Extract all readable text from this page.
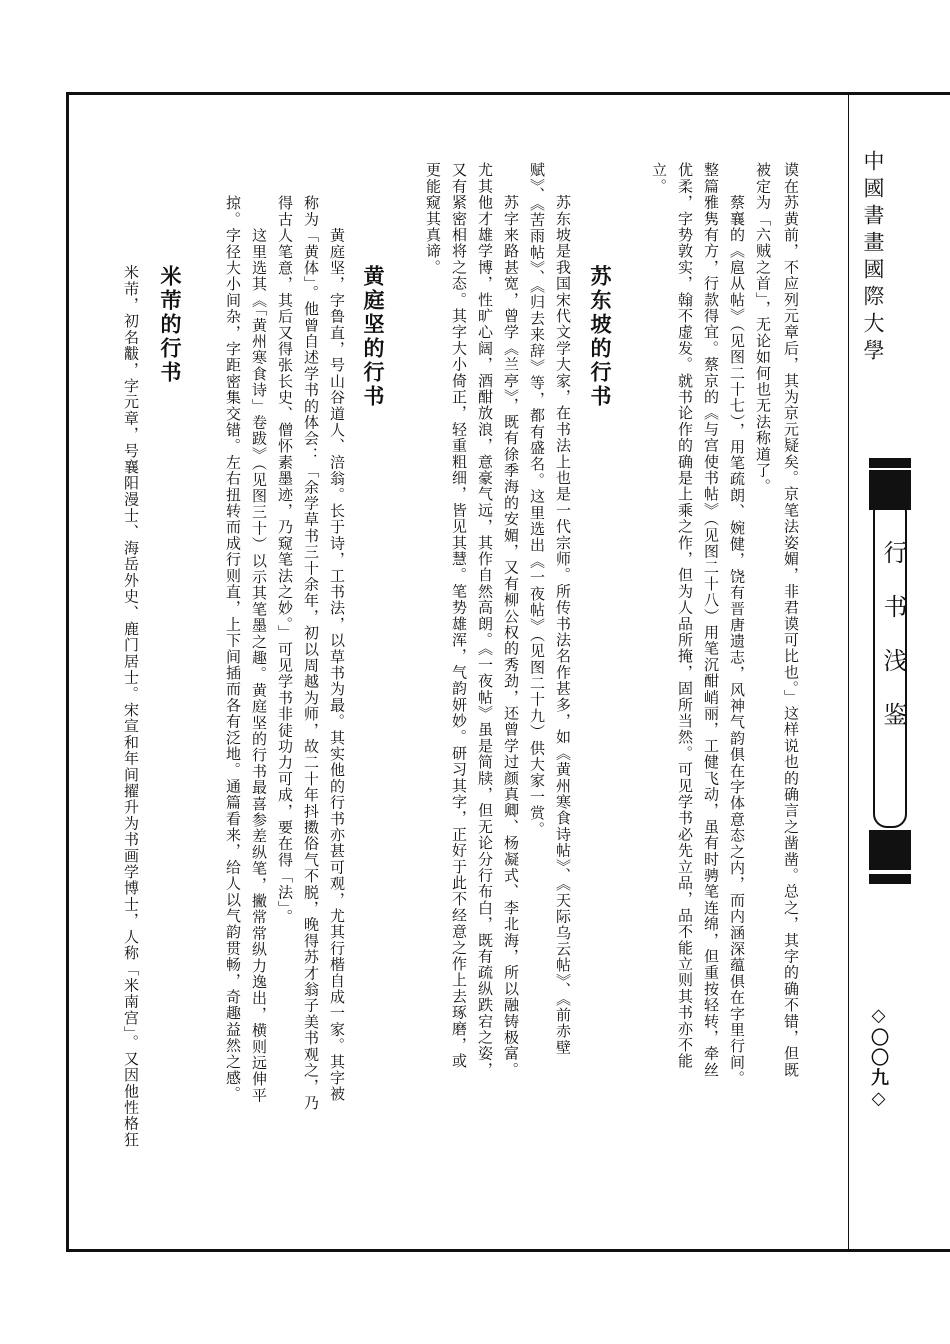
中國書畫國際大學
行书浅鉴
◇〇〇九◇
谟在苏黄前，不应列元章后，其为京元疑矣。京笔法姿媚，非君谟可比也。」这样说也的确言之凿凿。总之，其字的确不错，但既
被定为「六贼之首」，无论如何也无法称道了。
　　蔡襄的《扈从帖》（见图二十七），用笔疏朗、婉健，饶有晋唐遗志，风神气韵俱在字体意态之内，而内涵深蕴俱在字里行间。
整篇雅隽有方，行款得宜。蔡京的《与宫使书帖》（见图二十八）用笔沉酣峭丽，工健飞动，虽有时骋笔连绵，但重按轻转，牵丝
优柔，字势敦实，翰不虚发。就书论作的确是上乘之作，但为人品所掩，固所当然。可见学书必先立品，品不能立则其书亦不能
立。
苏东坡的行书
　　苏东坡是我国宋代文学大家，在书法上也是一代宗师。所传书法名作甚多，如《黄州寒食诗帖》、《天际乌云帖》、《前赤壁
赋》、《苦雨帖》、《归去来辞》等，都有盛名。这里选出《一夜帖》（见图二十九）供大家一赏。
　　苏字来路甚宽，曾学《兰亭》，既有徐季海的安媚，又有柳公权的秀劲，还曾学过颜真卿、杨凝式、李北海，所以融铸极富。
尤其他才雄学博，性旷心阔，酒酣放浪，意豪气远，其作自然高朗。《一夜帖》虽是简牍，但无论分行布白，既有疏纵跌宕之姿，
又有紧密相将之态。其字大小倚正，轻重粗细，皆见其慧。笔势雄浑，气韵妍妙。研习其字，正好于此不经意之作上去琢磨，或
更能窥其真谛。
黄庭坚的行书
　　黄庭坚，字鲁直，号山谷道人、涪翁。长于诗，工书法，以草书为最。其实他的行书亦甚可观，尤其行楷自成一家。其字被
称为「黄体」。他曾自述学书的体会：「余学草书三十余年，初以周越为师，故二十年抖擞俗气不脱，晚得苏才翁子美书观之，乃
得古人笔意，其后又得张长史、僧怀素墨迹，乃窥笔法之妙。」可见学书非徒功力可成，要在得「法」。
　　这里选其《「黄州寒食诗」卷跋》（见图三十）以示其笔墨之趣。黄庭坚的行书最喜参差纵笔，撇常常纵力逸出，横则远伸平
掠。字径大小间杂，字距密集交错。左右扭转而成行则直，上下间插而各有泛地。通篇看来，给人以气韵贯畅，奇趣益然之感。
米芾的行书
　　米芾，初名黻，字元章，号襄阳漫士、海岳外史、鹿门居士。宋宣和年间擢升为书画学博士，人称「米南宫」。又因他性格狂
